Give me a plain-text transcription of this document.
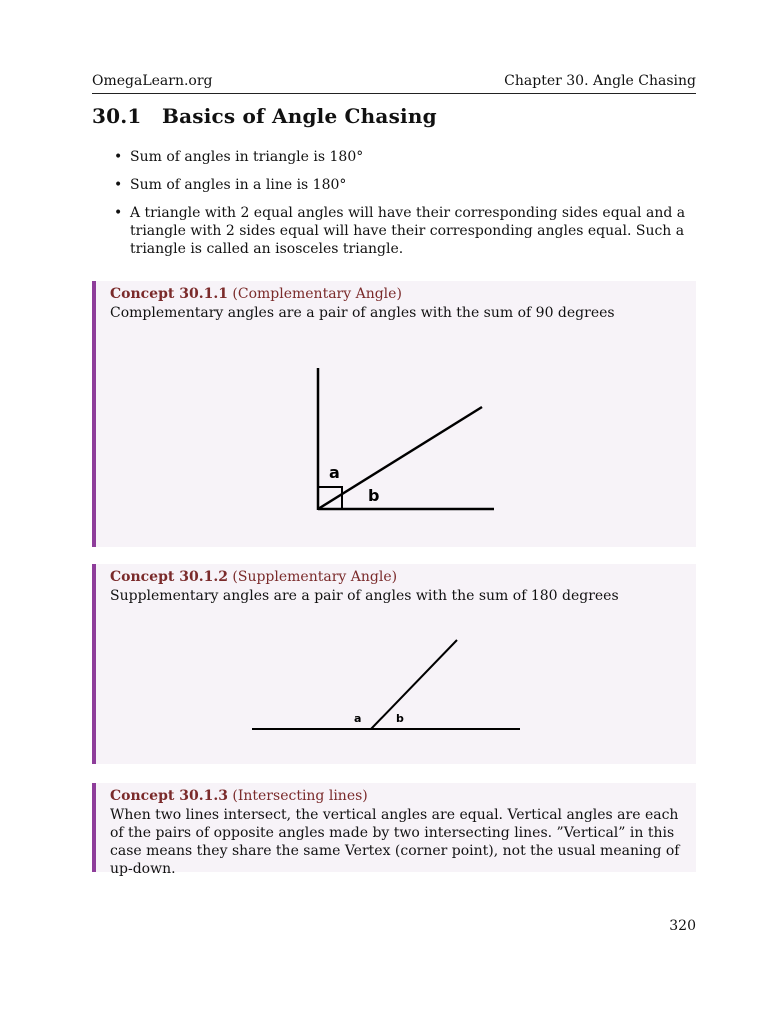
OmegaLearn.org	Chapter 30. Angle Chasing
30.1 Basics of Angle Chasing
• Sum of angles in triangle is 180°
• Sum of angles in a line is 180°
• A triangle with 2 equal angles will have their corresponding sides equal and a triangle with 2 sides equal will have their corresponding angles equal. Such a triangle is called an isosceles triangle.
Concept 30.1.1 (Complementary Angle)
Complementary angles are a pair of angles with the sum of 90 degrees
a
b
Concept 30.1.2 (Supplementary Angle)
Supplementary angles are a pair of angles with the sum of 180 degrees
a	b
Concept 30.1.3 (Intersecting lines)
When two lines intersect, the vertical angles are equal. Vertical angles are each of the pairs of opposite angles made by two intersecting lines. ”Vertical” in this case means they share the same Vertex (corner point), not the usual meaning of up-down.
320
